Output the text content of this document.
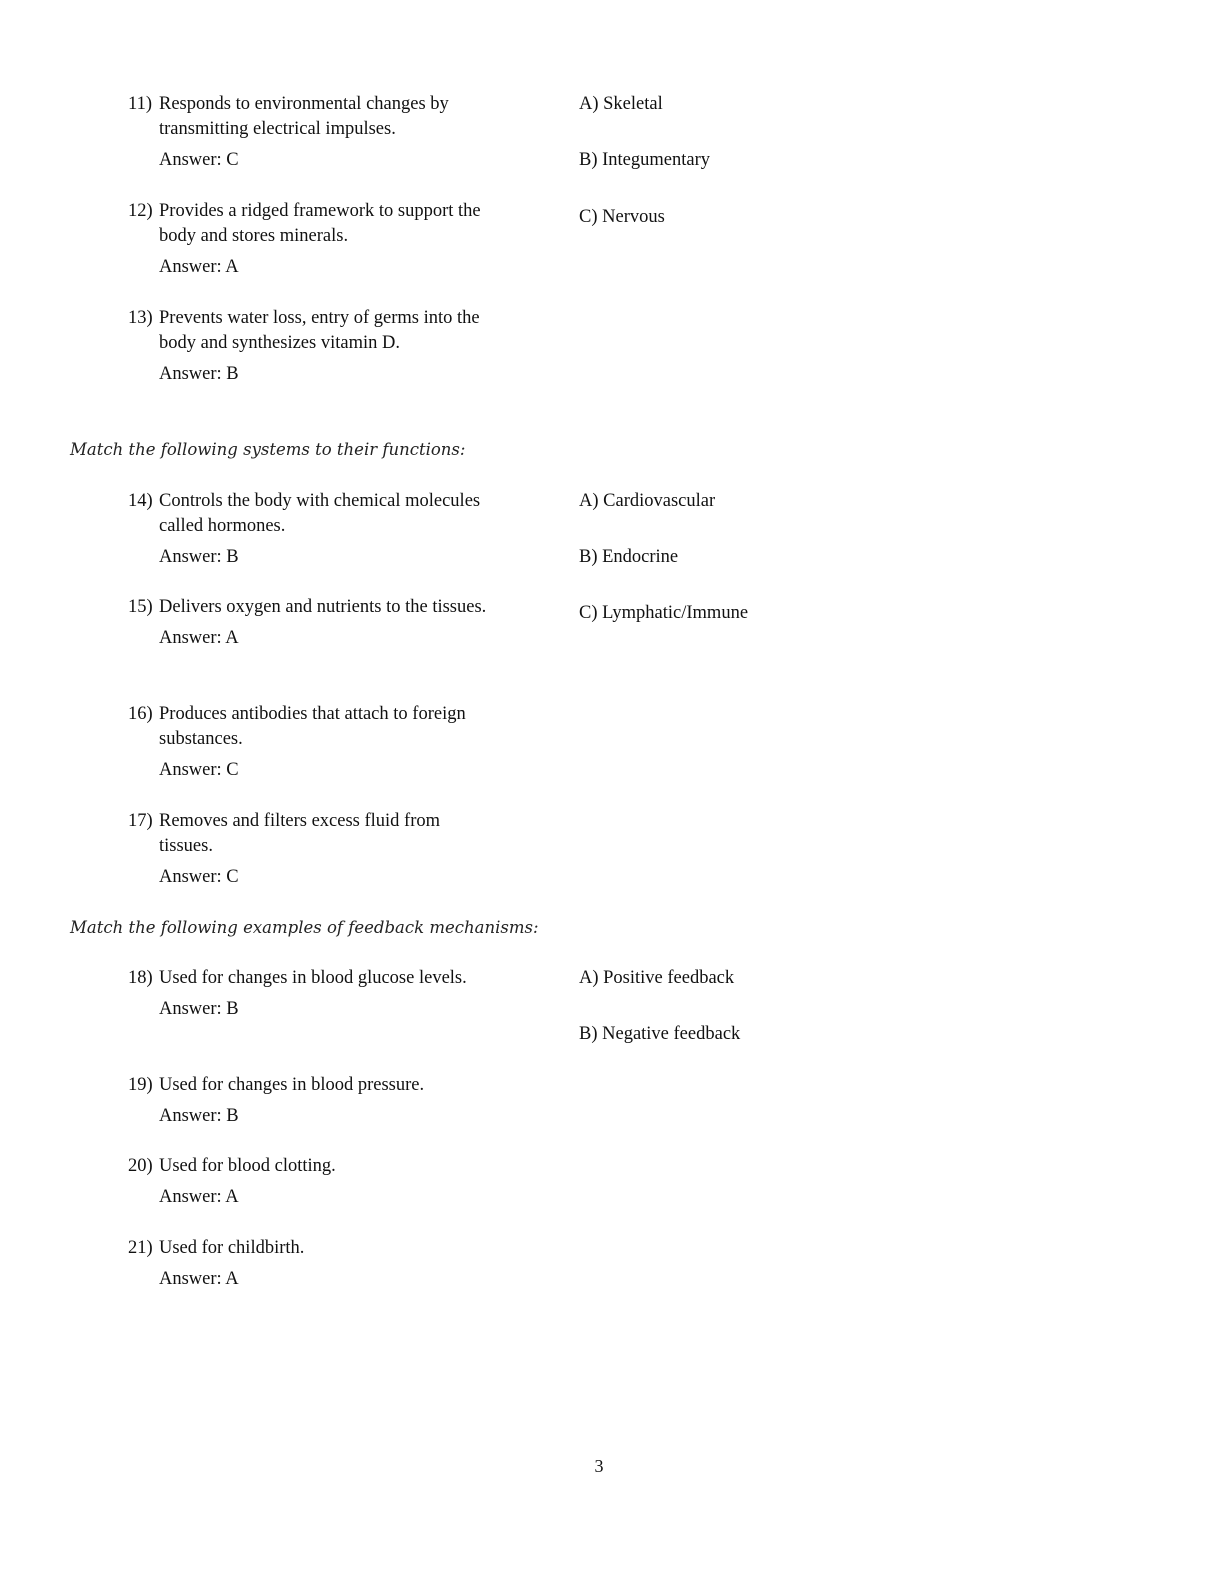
11) Responds to environmental changes by transmitting electrical impulses.
Answer: C
12) Provides a ridged framework to support the body and stores minerals.
Answer: A
13) Prevents water loss, entry of germs into the body and synthesizes vitamin D.
Answer: B
A) Skeletal
B) Integumentary
C) Nervous
Match the following systems to their functions:
14) Controls the body with chemical molecules called hormones.
Answer: B
15) Delivers oxygen and nutrients to the tissues.
Answer: A
16) Produces antibodies that attach to foreign substances.
Answer: C
17) Removes and filters excess fluid from tissues.
Answer: C
A) Cardiovascular
B) Endocrine
C) Lymphatic/Immune
Match the following examples of feedback mechanisms:
18) Used for changes in blood glucose levels.
Answer: B
19) Used for changes in blood pressure.
Answer: B
20) Used for blood clotting.
Answer: A
21) Used for childbirth.
Answer: A
A) Positive feedback
B) Negative feedback
3
